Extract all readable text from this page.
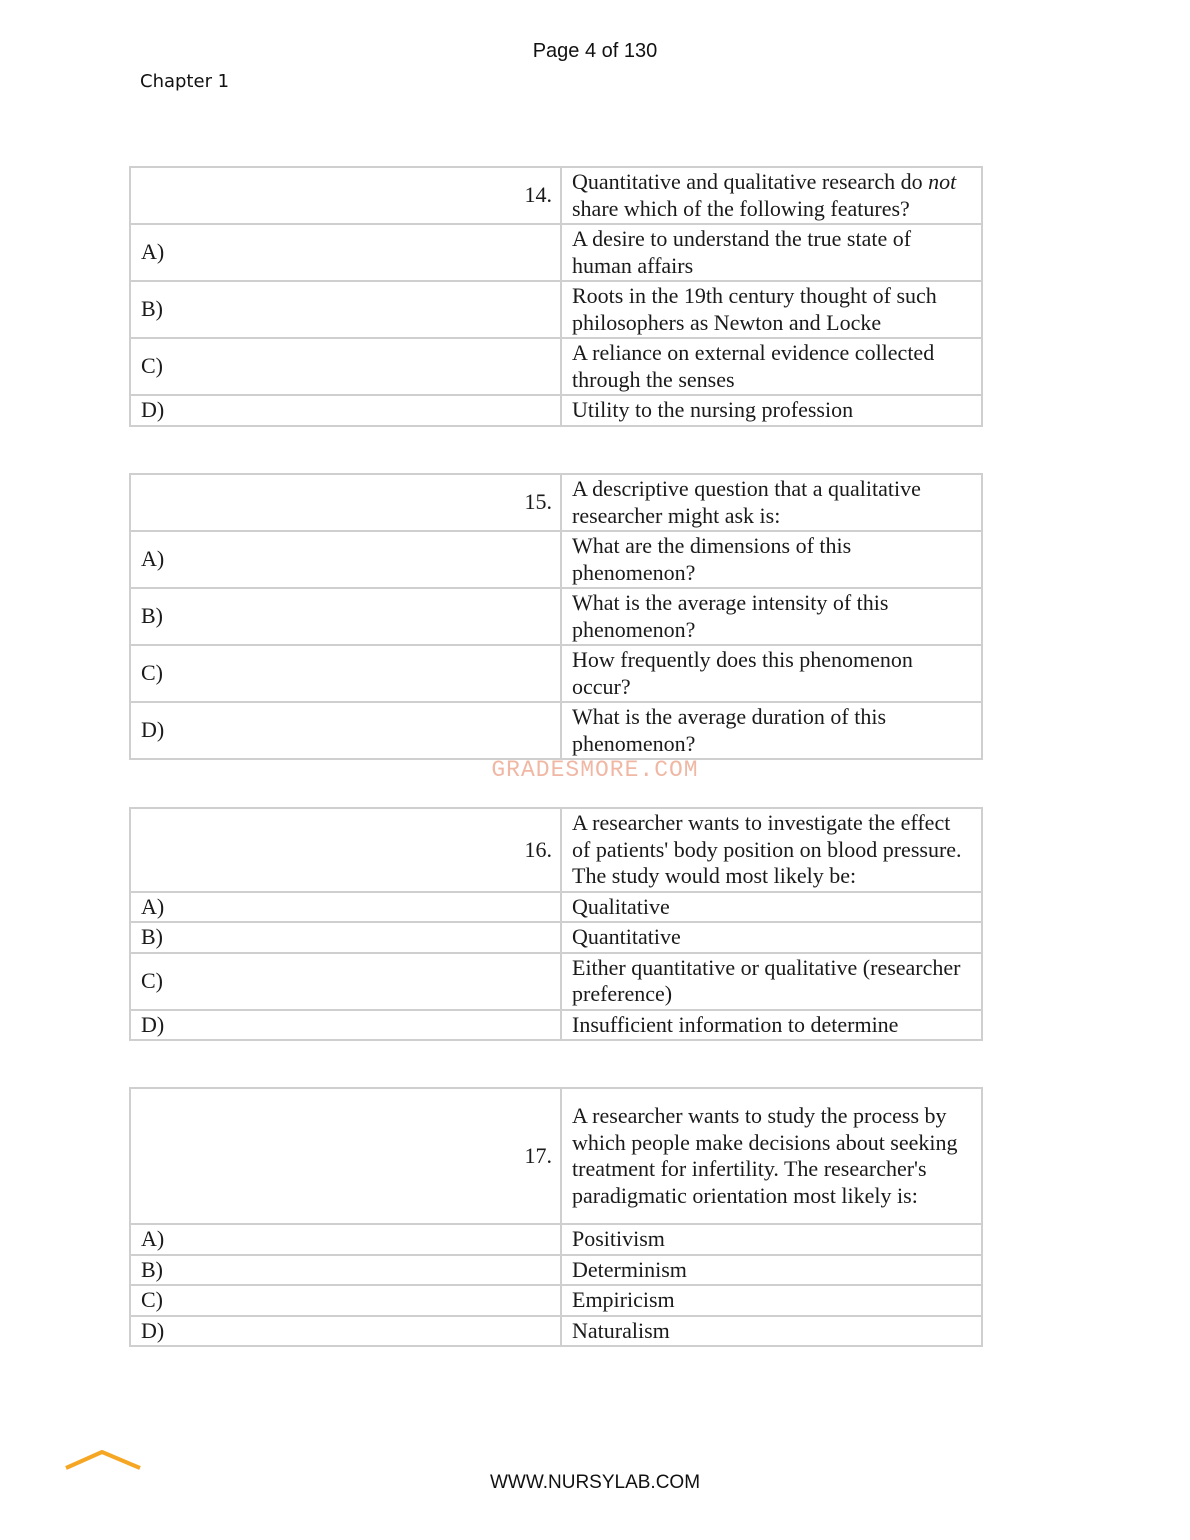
Page 4 of 130
Chapter 1
14.	Quantitative and qualitative research do not share which of the following features?
A)	A desire to understand the true state of human affairs
B)	Roots in the 19th century thought of such philosophers as Newton and Locke
C)	A reliance on external evidence collected through the senses
D)	Utility to the nursing profession
15.	A descriptive question that a qualitative researcher might ask is:
A)	What are the dimensions of this phenomenon?
B)	What is the average intensity of this phenomenon?
C)	How frequently does this phenomenon occur?
D)	What is the average duration of this phenomenon?
GRADESMORE.COM
16.	A researcher wants to investigate the effect of patients' body position on blood pressure. The study would most likely be:
A)	Qualitative
B)	Quantitative
C)	Either quantitative or qualitative (researcher preference)
D)	Insufficient information to determine
17.	A researcher wants to study the process by which people make decisions about seeking treatment for infertility. The researcher's paradigmatic orientation most likely is:
A)	Positivism
B)	Determinism
C)	Empiricism
D)	Naturalism
WWW.NURSYLAB.COM
